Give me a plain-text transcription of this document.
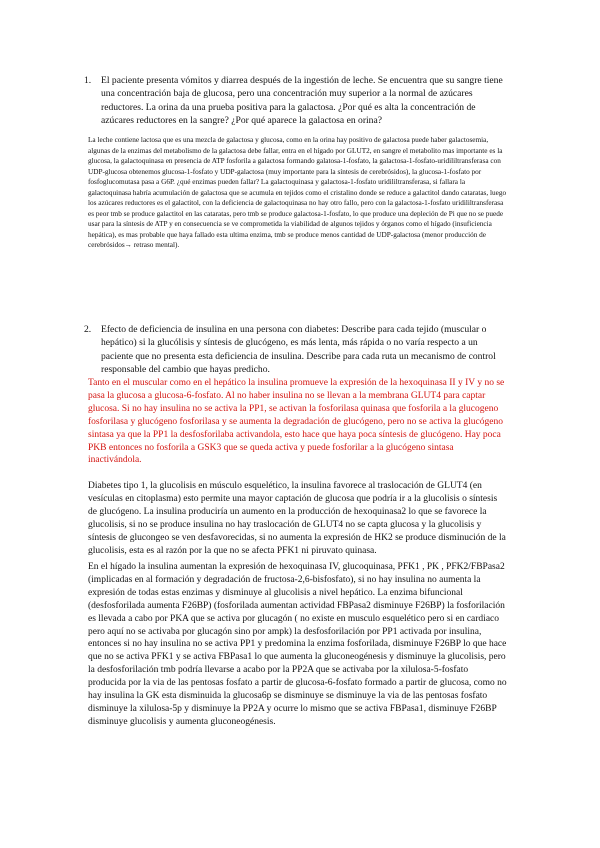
1. El paciente presenta vómitos y diarrea después de la ingestión de leche. Se encuentra que su sangre tiene una concentración baja de glucosa, pero una concentración muy superior a la normal de azúcares reductores. La orina da una prueba positiva para la galactosa. ¿Por qué es alta la concentración de azúcares reductores en la sangre? ¿Por qué aparece la galactosa en orina?

La leche contiene lactosa que es una mezcla de galactosa y glucosa, como en la orina hay positivo de galactosa puede haber galactosemia, algunas de la enzimas del metabolismo de la galactosa debe fallar, entra en el hígado por GLUT2, en sangre el metabolito mas importante es la glucosa, la galactoquinasa en presencia de ATP fosforila a galactosa formando galatosa-1-fosfato, la galactosa-1-fosfato-uridililtransferasa con UDP-glucosa obtenemos glucosa-1-fosfato y UDP-galactosa (muy importante para la síntesis de cerebrósidos), la glucosa-1-fosfato por fosfoglucomutasa pasa a G6P. ¿qué enzimas pueden fallar? La galactoquinasa y galactosa-1-fosfato uridililtransferasa, si fallara la galactoquinasa habría acumulación de galactosa que se acumula en tejidos como el cristalino donde se reduce a galactitol dando cataratas, luego los azúcares reductores es el galactitol, con la deficiencia de galactoquinasa no hay otro fallo, pero con la galactosa-1-fosfato uridililtransferasa es peor tmb se produce galactitol en las cataratas, pero tmb se produce galactosa-1-fosfato, lo que produce una depleción de Pi que no se puede usar para la síntesis de ATP y en consecuencia se ve comprometida la viabilidad de algunos tejidos y órganos como el hígado (insuficiencia hepática), es mas probable que haya fallado esta ultima enzima, tmb se produce menos cantidad de UDP-galactosa (menor producción de cerebrósidos→ retraso mental).

2. Efecto de deficiencia de insulina en una persona con diabetes: Describe para cada tejido (muscular o hepático) si la glucólisis y síntesis de glucógeno, es más lenta, más rápida o no varía respecto a un paciente que no presenta esta deficiencia de insulina. Describe para cada ruta un mecanismo de control responsable del cambio que hayas predicho.

Tanto en el muscular como en el hepático la insulina promueve la expresión de la hexoquinasa II y IV y no se pasa la glucosa a glucosa-6-fosfato. Al no haber insulina no se llevan a la membrana GLUT4 para captar glucosa. Si no hay insulina no se activa la PP1, se activan la fosforilasa quinasa que fosforila a la glucogeno fosforilasa y glucógeno fosforilasa y se aumenta la degradación de glucógeno, pero no se activa la glucógeno sintasa ya que la PP1 la desfosforilaba activandola, esto hace que haya poca síntesis de glucógeno. Hay poca PKB entonces no fosforila a GSK3 que se queda activa y puede fosforilar a la glucógeno sintasa inactivándola.

Diabetes tipo 1, la glucolisis en músculo esquelético, la insulina favorece al traslocación de GLUT4 (en vesículas en citoplasma) esto permite una mayor captación de glucosa que podría ir a la glucolisis o síntesis de glucógeno. La insulina produciría un aumento en la producción de hexoquinasa2 lo que se favorece la glucolisis, si no se produce insulina no hay traslocación de GLUT4 no se capta glucosa y la glucolisis y síntesis de glucongeo se ven desfavorecidas, si no aumenta la expresión de HK2 se produce disminución de la glucolisis, esta es al razón por la que no se afecta PFK1 ni piruvato quinasa.

En el hígado la insulina aumentan la expresión de hexoquinasa IV, glucoquinasa, PFK1 , PK , PFK2/FBPasa2 (implicadas en al formación y degradación de fructosa-2,6-bisfosfato), si no hay insulina no aumenta la expresión de todas estas enzimas y disminuye al glucolisis a nivel hepático. La enzima bifuncional (desfosforilada aumenta F26BP) (fosforilada aumentan actividad FBPasa2 disminuye F26BP) la fosforilación es llevada a cabo por PKA que se activa por glucagón ( no existe en musculo esquelético pero si en cardiaco pero aquí no se activaba por glucagón sino por ampk) la desfosforilación por PP1 activada por insulina, entonces si no hay insulina no se activa PP1 y predomina la enzima fosforilada, disminuye F26BP lo que hace que no se activa PFK1 y se activa FBPasa1 lo que aumenta la gluconeogénesis y disminuye la glucolisis, pero la desfosforilación tmb podría llevarse a acabo por la PP2A que se activaba por la xilulosa-5-fosfato producida por la via de las pentosas fosfato a partir de glucosa-6-fosfato formado a partir de glucosa, como no hay insulina la GK esta disminuida la glucosa6p se disminuye se disminuye la via de las pentosas fosfato disminuye la xilulosa-5p y disminuye la PP2A y ocurre lo mismo que se activa FBPasa1, disminuye F26BP disminuye glucolisis y aumenta gluconeogénesis.
